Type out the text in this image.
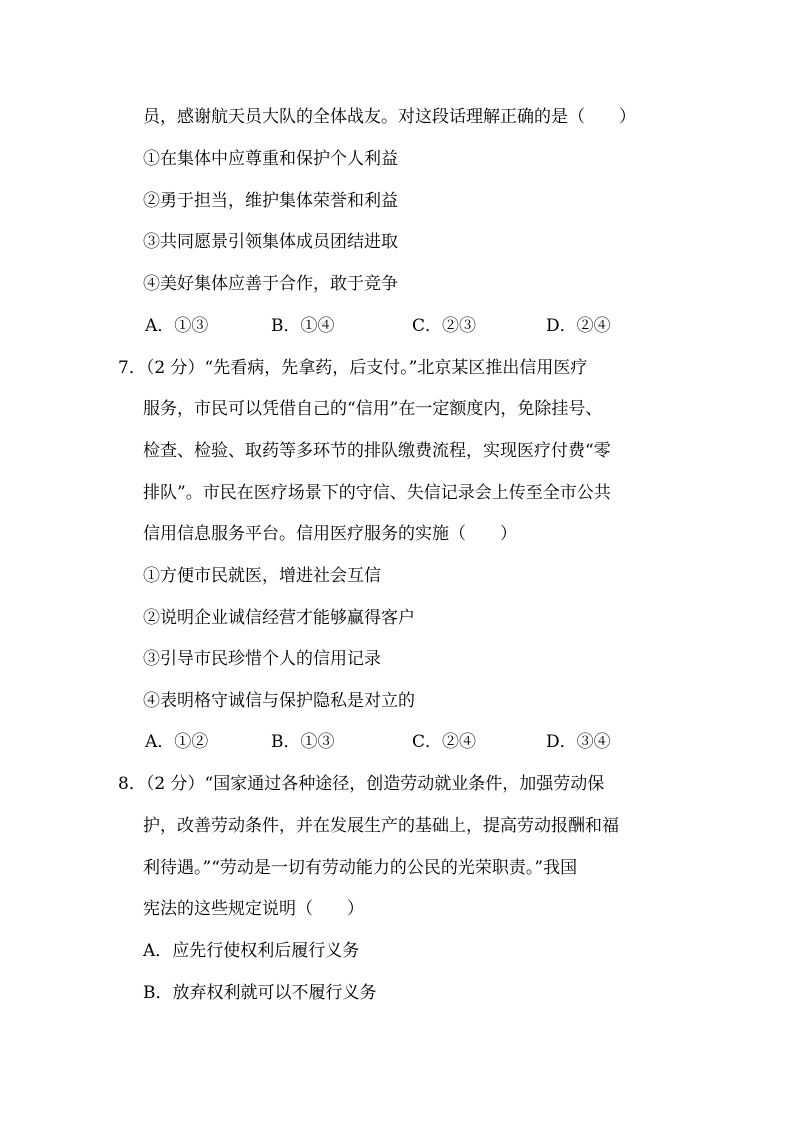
员，感谢航天员大队的全体战友。对这段话理解正确的是（　　）
①在集体中应尊重和保护个人利益
②勇于担当，维护集体荣誉和利益
③共同愿景引领集体成员团结进取
④美好集体应善于合作，敢于竞争
A．①③	B．①④	C．②③	D．②④
7．（2 分）“先看病，先拿药，后支付。”北京某区推出信用医疗
服务，市民可以凭借自己的“信用”在一定额度内，免除挂号、
检查、检验、取药等多环节的排队缴费流程，实现医疗付费“零
排队”。市民在医疗场景下的守信、失信记录会上传至全市公共
信用信息服务平台。信用医疗服务的实施（　　）
①方便市民就医，增进社会互信
②说明企业诚信经营才能够赢得客户
③引导市民珍惜个人的信用记录
④表明格守诚信与保护隐私是对立的
A．①②	B．①③	C．②④	D．③④
8．（2 分）“国家通过各种途径，创造劳动就业条件，加强劳动保
护，改善劳动条件，并在发展生产的基础上，提高劳动报酬和福
利待遇。”“劳动是一切有劳动能力的公民的光荣职责。”我国
宪法的这些规定说明（　　）
A．应先行使权利后履行义务
B．放弃权利就可以不履行义务
